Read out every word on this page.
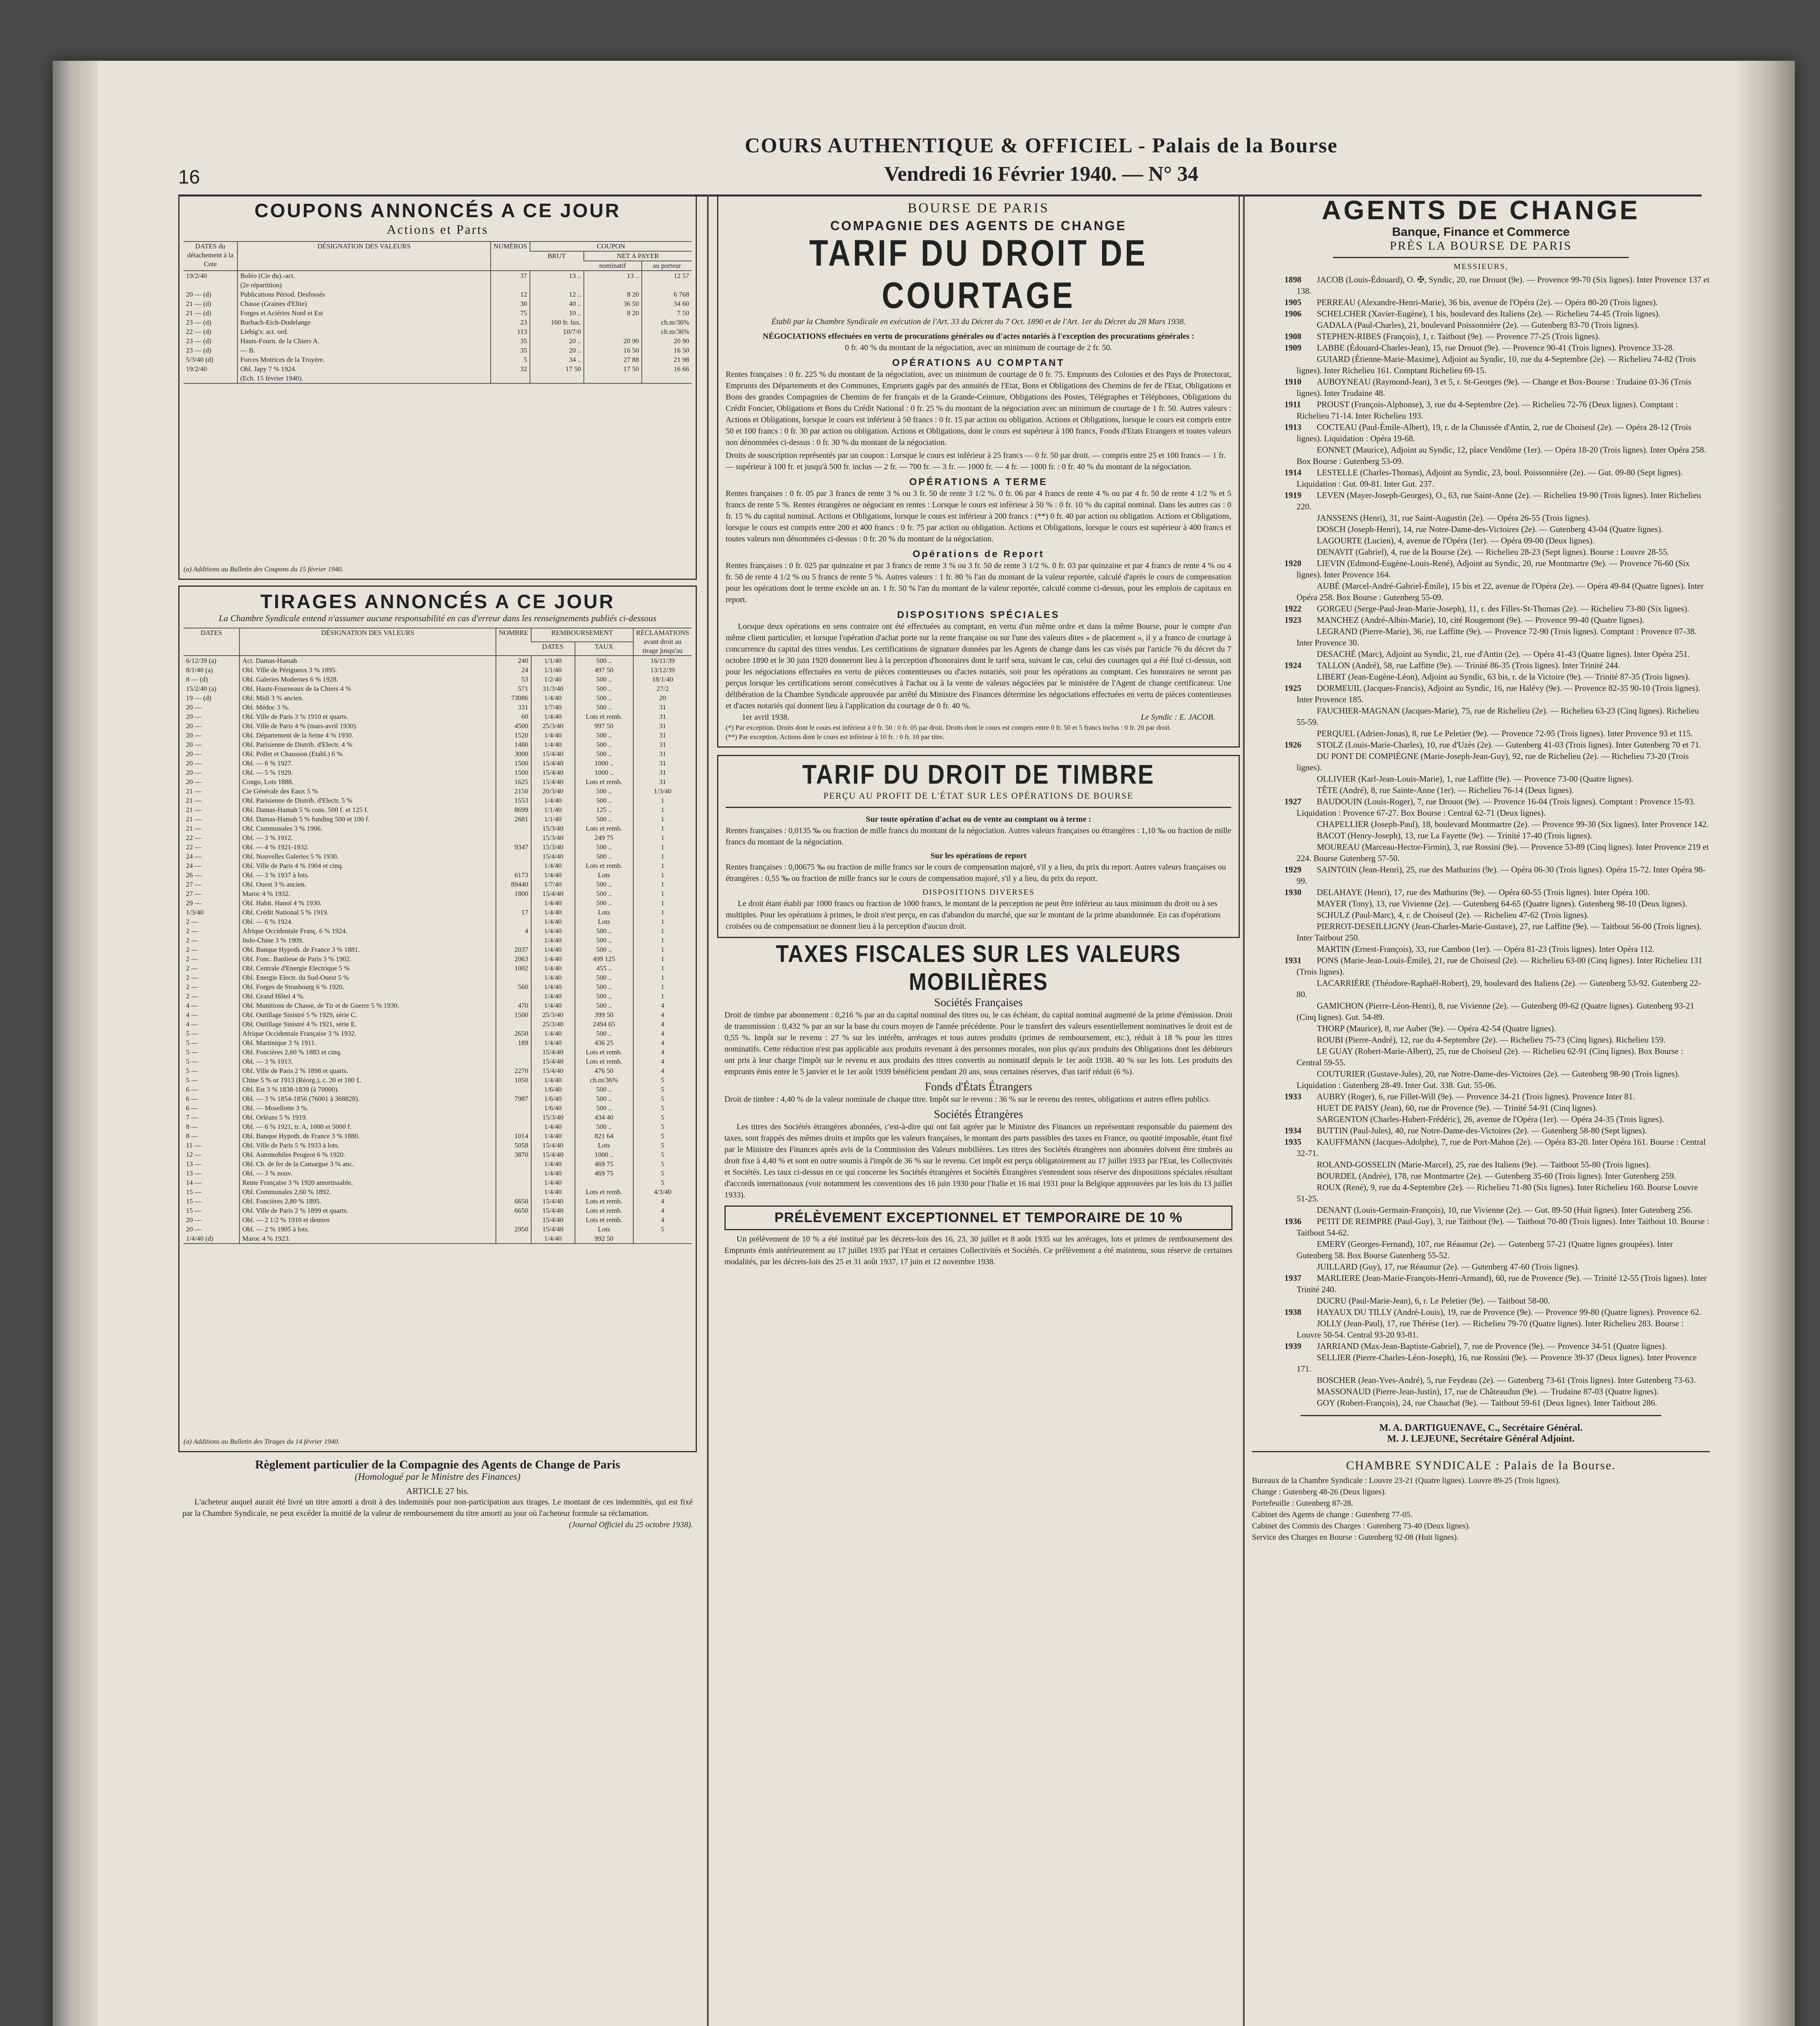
16
COURS AUTHENTIQUE & OFFICIEL - Palais de la Bourse
Vendredi 16 Février 1940. — N° 34
COUPONS ANNONCÉS A CE JOUR
Actions et Parts
DATES du détachement à la Cote	DÉSIGNATION DES VALEURS	NUMÉROS	COUPON		
			BRUT	NET A PAYER	
				nominatif	au porteur
19/2/40	Boléo (Cie du).-act.	37	13 ..	13 ..	12 57
	(2e répartition)				
20 — (d)	Publications Périod. Desfossés	12	12 ..	8 20	6 768
21 — (d)	Chasse (Graines d'Elite)	30	40 ..	36 50	34 60
21 — (d)	Forges et Aciéries Nord et Est	75	10 ..	8 20	7 50
23 — (d)	Burbach-Eich-Dudelange	23	160 fr. lux.		ch.m/36%
22 — (d)	Liebig's: act. ord.	113	£0/7/0		ch.m/36%
23 — (d)	Hauts-Fourn. de la Chiers A.	35	20 ..	20 90	20 90
23 — (d)	— B.	35	20 ..	16 50	16 50
5/3/40 (d)	Forces Motrices de la Truyère.	5	34 ..	27 88	21 98

19/2/40	Obl. Japy 7 % 1924.	32	17 50	17 50	16 66
	(Ech. 15 février 1940).				
(a) Additions au Bulletin des Coupons du 15 février 1940.
TIRAGES ANNONCÉS A CE JOUR
La Chambre Syndicale entend n'assumer aucune responsabilité en cas d'erreur dans les renseignements publiés ci-dessous
DATES	DÉSIGNATION DES VALEURS	NOMBRE	REMBOURSEMENT		RÉCLAMATIONS avant droit au tirage jusqu'au
			DATES	TAUX	
6/12/39 (a)	Act. Damas-Hamah	240	1/1/40	500 ..	16/11/39
8/1/40 (a)	Obl. Ville de Périgueux 3 % 1895.	24	1/1/40	497 50	13/12/39
8 — (d)	Obl. Galeries Modernes 6 % 1928.	53	1/2/40	500 ..	18/1/40
15/2/40 (a)	Obl. Hauts-Fourneaux de la Chiers 4 %	571	31/3/40	500 ..	27/2
19 — (d)	Obl. Midi 3 % ancien.	73086	1/4/40	500 ..	20
20 —	Obl. Médoc 3 %.	331	1/7/40	500 ..	31
20 —	Obl. Ville de Paris 3 % 1910 et quarts.	60	1/4/40	Lots et remb.	31
20 —	Obl. Ville de Paris 4 % (mars-avril 1930).	4500	25/3/40	997 50	31
20 —	Obl. Département de la Seine 4 % 1930.	1520	1/4/40	500 ..	31
20 —	Obl. Parisienne de Distrib. d'Electr. 4 %	1480	1/4/40	500 ..	31
20 —	Obl. Pollet et Chausson (Etabl.) 6 %	3000	15/4/40	500 ..	31
20 —	Obl. — 6 % 1927.	1500	15/4/40	1000 ..	31
20 —	Obl. — 5 % 1929.	1500	15/4/40	1000 ..	31
20 —	Congo, Lots 1888.	1625	15/4/40	Lots et remb.	31
21 —	Cie Générale des Eaux 5 %	2150	20/3/40	500 ..	1/3/40
21 —	Obl. Parisienne de Distrib. d'Electr. 5 %	1553	1/4/40	500 ..	1
21 —	Obl. Damas-Hamah 5 % cons. 500 f. et 125 f.	8699	1/1/40	125 ..	1
21 —	Obl. Damas-Hamah 5 % funding 500 et 100 f.	2681	1/1/40	500 ..	1
21 —	Obl. Communales 3 % 1906.		15/3/40	Lots et remb.	1
22 —	Obl. — 3 % 1912.		15/3/40	249 75	1
22 —	Obl. — 4 % 1921-1932.	9347	15/3/40	500 ..	1
24 —	Obl. Nouvelles Galeries 5 % 1930.		15/4/40	500 ..	1
24 —	Obl. Ville de Paris 4 % 1904 et cinq.		1/4/40	Lots et remb.	1
26 —	Obl. — 3 % 1937 à lots.	6173	1/4/40	Lots	1
27 —	Obl. Ouest 3 % ancien.	89440	1/7/40	500 ..	1
27 —	Maroc 4 % 1932.	1800	15/4/40	500 ..	1
29 —	Obl. Habit. Hanoï 4 % 1930.		1/4/40	500 ..	1
1/3/40	Obl. Crédit National 5 % 1919.	17	1/4/40	Lots	1
2 —	Obl. — 6 % 1924.		1/4/40	Lots	1
2 —	Afrique Occidentale Franç. 6 % 1924.	4	1/4/40	500 ..	1
2 —	Indo-Chine 3 % 1909.		1/4/40	500 ..	1
2 —	Obl. Banque Hypoth. de France 3 % 1881.	2037	1/4/40	500 ..	1
2 —	Obl. Fonc. Banlieue de Paris 3 % 1902.	2063	1/4/40	499 125	1
2 —	Obl. Centrale d'Energie Electrique 5 %	1002	1/4/40	455 ..	1
2 —	Obl. Energie Electr. du Sud-Ouest 5 %		1/4/40	500 ..	1
2 —	Obl. Forges de Strasbourg 6 % 1920.	560	1/4/40	500 ..	1
2 —	Obl. Grand Hôtel 4 %.		1/4/40	500 ..	1
4 —	Obl. Munitions de Chasse, de Tir et de Guerre 5 % 1930.	470	1/4/40	500 ..	4
4 —	Obl. Outillage Sinistré 5 % 1929, série C.	1500	25/3/40	399 50	4
4 —	Obl. Outillage Sinistré 4 % 1921, série E.		25/3/40	2494 65	4
5 —	Afrique Occidentale Française 3 % 1932.	2650	1/4/40	500 ..	4
5 —	Obl. Martinique 3 % 1911.	189	1/4/40	436 25	4
5 —	Obl. Foncières 2,60 % 1883 et cinq.		15/4/40	Lots et remb.	4
5 —	Obl. — 3 % 1913.		15/4/40	Lots et remb.	4
5 —	Obl. Ville de Paris 2 % 1898 et quarts.	2270	15/4/40	476 50	4
5 —	Chine 5 % or 1913 (Réorg.), c. 20 et 100 £.	1050	1/4/40	ch.m/36%	5
6 —	Obl. Est 3 % 1838-1839 (à 70000).		1/6/40	500 ..	5
6 —	Obl. — 3 % 1854-1856 (76001 à 368828).	7987	1/6/40	500 ..	5
6 —	Obl. — Mosellotte 3 %.		1/6/40	500 ..	5
7 —	Obl. Orléans 5 % 1919.		15/3/40	434 40	5
8 —	Obl. — 6 % 1921, tr. A, 1000 et 5000 f.		1/4/40	500 ..	5
8 —	Obl. Banque Hypoth. de France 3 % 1880.	1014	1/4/40	821 64	5
11 —	Obl. Ville de Paris 5 % 1933 à lots.	5058	15/4/40	Lots	5
12 —	Obl. Automobiles Peugeot 6 % 1920.	3870	15/4/40	1000 ..	5
13 —	Obl. Ch. de fer de la Camargue 3 % anc.		1/4/40	469 75	5
13 —	Obl. — 3 % nouv.		1/4/40	469 75	5
14 —	Rente Française 3 % 1920 amortissable.		1/4/40		5
15 —	Obl. Communales 2,60 % 1892.		1/4/40	Lots et remb.	4/3/40
15 —	Obl. Foncières 2,80 % 1895.	6650	15/4/40	Lots et remb.	4
15 —	Obl. Ville de Paris 2 % 1899 et quarts.	6650	15/4/40	Lots et remb.	4
20 —	Obl. — 2 1/2 % 1910 et demies		15/4/40	Lots et remb.	4
20 —	Obl. — 2 % 1905 à lots.	2950	15/4/40	Lots	5
1/4/40 (d)	Maroc 4 % 1923.		1/4/40	992 50	
(a) Additions au Bulletin des Tirages du 14 février 1940.
Règlement particulier de la Compagnie des Agents de Change de Paris
(Homologué par le Ministre des Finances)
ARTICLE 27 bis.
L'acheteur auquel aurait été livré un titre amorti a droit à des indemnités pour non-participation aux tirages. Le montant de ces indemnités, qui est fixé par la Chambre Syndicale, ne peut excéder la moitié de la valeur de remboursement du titre amorti au jour où l'acheteur formule sa réclamation.
(Journal Officiel du 25 octobre 1938).
BOURSE DE PARIS
COMPAGNIE DES AGENTS DE CHANGE
TARIF DU DROIT DE COURTAGE
Établi par la Chambre Syndicale en exécution de l'Art. 33 du Décret du 7 Oct. 1890 et de l'Art. 1er du Décret du 28 Mars 1938.
NÉGOCIATIONS effectuées en vertu de procurations générales ou d'actes notariés à l'exception des procurations générales :
0 fr. 40 % du montant de la négociation, avec un minimum de courtage de 2 fr. 50.
OPÉRATIONS AU COMPTANT
Rentes françaises : 0 fr. 225 % du montant de la négociation, avec un minimum de courtage de 0 fr. 75. Emprunts des Colonies et des Pays de Protectorat, Emprunts des Départements et des Communes, Emprunts gagés par des annuités de l'Etat, Bons et Obligations des Chemins de fer de l'Etat, Obligations et Bons des grandes Compagnies de Chemins de fer français et de la Grande-Ceinture, Obligations des Postes, Télégraphes et Téléphones, Obligations du Crédit Foncier, Obligations et Bons du Crédit National : 0 fr. 25 % du montant de la négociation avec un minimum de courtage de 1 fr. 50. Autres valeurs : Actions et Obligations, lorsque le cours est inférieur à 50 francs : 0 fr. 15 par action ou obligation. Actions et Obligations, lorsque le cours est compris entre 50 et 100 francs : 0 fr. 30 par action ou obligation. Actions et Obligations, dont le cours est supérieur à 100 francs, Fonds d'Etats Etrangers et toutes valeurs non dénommées ci-dessus : 0 fr. 30 % du montant de la négociation.
Droits de souscription représentés par un coupon : Lorsque le cours est inférieur à 25 francs — 0 fr. 50 par droit. — compris entre 25 et 100 francs — 1 fr. — supérieur à 100 fr. et jusqu'à 500 fr. inclus — 2 fr. — 700 fr. — 3 fr. — 1000 fr. — 4 fr. — 1000 fr. : 0 fr. 40 % du montant de la négociation.
OPÉRATIONS A TERME
Rentes françaises : 0 fr. 05 par 3 francs de rente 3 % ou 3 fr. 50 de rente 3 1/2 %. 0 fr. 06 par 4 francs de rente 4 % ou par 4 fr. 50 de rente 4 1/2 % et 5 francs de rente 5 %. Rentes étrangères ne négociant en rentes : Lorsque le cours est inférieur à 50 % : 0 fr. 10 % du capital nominal. Dans les autres cas : 0 fr. 15 % du capital nominal. Actions et Obligations, lorsque le cours est inférieur à 200 francs : (**) 0 fr. 40 par action ou obligation. Actions et Obligations, lorsque le cours est compris entre 200 et 400 francs : 0 fr. 75 par action ou obligation. Actions et Obligations, lorsque le cours est supérieur à 400 francs et toutes valeurs non dénommées ci-dessus : 0 fr. 20 % du montant de la négociation.
Opérations de Report
Rentes françaises : 0 fr. 025 par quinzaine et par 3 francs de rente 3 % ou 3 fr. 50 de rente 3 1/2 %. 0 fr. 03 par quinzaine et par 4 francs de rente 4 % ou 4 fr. 50 de rente 4 1/2 % ou 5 francs de rente 5 %. Autres valeurs : 1 fr. 80 % l'an du montant de la valeur reportée, calculé d'après le cours de compensation pour les opérations dont le terme excède un an. 1 fr. 50 % l'an du montant de la valeur reportée, calculé comme ci-dessus, pour les emplois de capitaux en report.
DISPOSITIONS SPÉCIALES
Lorsque deux opérations en sens contraire ont été effectuées au comptant, en vertu d'un même ordre et dans la même Bourse, pour le compte d'un même client particulier, et lorsque l'opération d'achat porte sur la rente française ou sur l'une des valeurs dites « de placement », il y a franco de courtage à concurrence du capital des titres vendus. Les certifications de signature données par les Agents de change dans les cas visés par l'article 76 du décret du 7 octobre 1890 et le 30 juin 1920 donneront lieu à la perception d'honoraires dont le tarif sera, suivant le cas, celui des courtages qui a été fixé ci-dessus, soit pour les négociations effectuées en vertu de pièces contentieuses ou d'actes notariés, soit pour les opérations au comptant. Ces honoraires ne seront pas perçus lorsque les certifications seront consécutives à l'achat ou à la vente de valeurs négociées par le ministère de l'Agent de change certificateur. Une délibération de la Chambre Syndicale approuvée par arrêté du Ministre des Finances détermine les négociations effectuées en vertu de pièces contentieuses et d'actes notariés qui donnent lieu à l'application du courtage de 0 fr. 40 %.
1er avril 1938.	Le Syndic : E. JACOB.
(*) Par exception. Droits dont le cours est inférieur à 0 fr. 50 : 0 fr. 05 par droit. Droits dont le cours est compris entre 0 fr. 50 et 5 francs inclus : 0 fr. 20 par droit.
(**) Par exception. Actions dont le cours est inférieur à 10 fr. : 0 fr. 10 par titre.
TARIF DU DROIT DE TIMBRE
PERÇU AU PROFIT DE L'ÉTAT SUR LES OPÉRATIONS DE BOURSE
Sur toute opération d'achat ou de vente au comptant ou à terme :
Rentes françaises : 0,0135 ‰ ou fraction de mille francs du montant de la négociation. Autres valeurs françaises ou étrangères : 1,10 ‰ ou fraction de mille francs du montant de la négociation.
Sur les opérations de report
Rentes françaises : 0,00675 ‰ ou fraction de mille francs sur le cours de compensation majoré, s'il y a lieu, du prix du report. Autres valeurs françaises ou étrangères : 0,55 ‰ ou fraction de mille francs sur le cours de compensation majoré, s'il y a lieu, du prix du report.
DISPOSITIONS DIVERSES
Le droit étant établi par 1000 francs ou fraction de 1000 francs, le montant de la perception ne peut être inférieur au taux minimum du droit ou à ses multiples. Pour les opérations à primes, le droit n'est perçu, en cas d'abandon du marché, que sur le montant de la prime abandonnée. En cas d'opérations croisées ou de compensation ne donnent lieu à la perception d'aucun droit.
TAXES FISCALES SUR LES VALEURS MOBILIÈRES
Sociétés Françaises
Droit de timbre par abonnement : 0,216 % par an du capital nominal des titres ou, le cas échéant, du capital nominal augmenté de la prime d'émission. Droit de transmission : 0,432 % par an sur la base du cours moyen de l'année précédente. Pour le transfert des valeurs essentiellement nominatives le droit est de 0,55 %. Impôt sur le revenu : 27 % sur les intérêts, arrérages et tous autres produits (primes de remboursement, etc.), réduit à 18 % pour les titres nominatifs. Cette réduction n'est pas applicable aux produits revenant à des personnes morales, non plus qu'aux produits des Obligations dont les débiteurs ont pris à leur charge l'impôt sur le revenu et aux produits des titres convertis au nominatif depuis le 1er août 1938. 40 % sur les lots. Les produits des emprunts émis entre le 5 janvier et le 1er août 1939 bénéficient pendant 20 ans, sous certaines réserves, d'un tarif réduit (6 %).
Fonds d'États Étrangers
Droit de timbre : 4,40 % de la valeur nominale de chaque titre. Impôt sur le revenu : 36 % sur le revenu des rentes, obligations et autres effets publics.
Sociétés Étrangères
Les titres des Sociétés étrangères abonnées, c'est-à-dire qui ont fait agréer par le Ministre des Finances un représentant responsable du paiement des taxes, sont frappés des mêmes droits et impôts que les valeurs françaises, le montant des parts passibles des taxes en France, ou quotité imposable, étant fixé par le Ministre des Finances après avis de la Commission des Valeurs mobilières. Les titres des Sociétés étrangères non abonnées doivent être timbrés au droit fixe à 4,40 % et sont en outre soumis à l'impôt de 36 % sur le revenu. Cet impôt est perçu obligatoirement au 17 juillet 1933 par l'Etat, les Collectivités et Sociétés. Les taux ci-dessus en ce qui concerne les Sociétés étrangères et Sociétés Étrangères s'entendent sous réserve des dispositions spéciales résultant d'accords internationaux (voir notamment les conventions des 16 juin 1930 pour l'Italie et 16 mai 1931 pour la Belgique approuvées par les lois du 13 juillet 1933).
PRÉLÈVEMENT EXCEPTIONNEL ET TEMPORAIRE DE 10 %
Un prélèvement de 10 % a été institué par les décrets-lois des 16, 23, 30 juillet et 8 août 1935 sur les arrérages, lots et primes de remboursement des Emprunts émis antérieurement au 17 juillet 1935 par l'Etat et certaines Collectivités et Sociétés. Ce prélèvement a été maintenu, sous réserve de certaines modalités, par les décrets-lois des 25 et 31 août 1937, 17 juin et 12 novembre 1938.
AGENTS DE CHANGE
Banque, Finance et Commerce
PRÈS LA BOURSE DE PARIS
MESSIEURS,

1898 JACOB (Louis-Édouard), O. ✠, Syndic, 20, rue Drouot (9e). — Provence 99-70 (Six lignes). Inter Provence 137 et 138.

1905 PERREAU (Alexandre-Henri-Marie), 36 bis, avenue de l'Opéra (2e). — Opéra 80-20 (Trois lignes).

1906 SCHELCHER (Xavier-Eugène), 1 bis, boulevard des Italiens (2e). — Richelieu 74-45 (Trois lignes).

GADALA (Paul-Charles), 21, boulevard Poissonnière (2e). — Gutenberg 83-70 (Trois lignes).

1908 STEPHEN-RIBES (François), 1, r. Taitbout (9e). — Provence 77-25 (Trois lignes).

1909 LABBE (Édouard-Charles-Jean), 15, rue Drouot (9e). — Provence 90-41 (Trois lignes). Provence 33-28.

GUIARD (Étienne-Marie-Maxime), Adjoint au Syndic, 10, rue du 4-Septembre (2e). — Richelieu 74-82 (Trois lignes). Inter Richelieu 161. Comptant Richelieu 69-15.

1910 AUBOYNEAU (Raymond-Jean), 3 et 5, r. St-Georges (9e). — Change et Box-Bourse : Trudaine 03-36 (Trois lignes). Inter Trudaine 48.

1911 PROUST (François-Alphonse), 3, rue du 4-Septembre (2e). — Richelieu 72-76 (Deux lignes). Comptant : Richelieu 71-14. Inter Richelieu 193.

1913 COCTEAU (Paul-Émile-Albert), 19, r. de la Chaussée d'Antin, 2, rue de Choiseul (2e). — Opéra 28-12 (Trois lignes). Liquidation : Opéra 19-68.

EONNET (Maurice), Adjoint au Syndic, 12, place Vendôme (1er). — Opéra 18-20 (Trois lignes). Inter Opéra 258. Box Bourse : Gutenberg 53-09.

1914 LESTELLE (Charles-Thomas), Adjoint au Syndic, 23, boul. Poissonnière (2e). — Gut. 09-80 (Sept lignes). Liquidation : Gut. 09-81. Inter Gut. 237.

1919 LEVEN (Mayer-Joseph-Georges), O., 63, rue Saint-Anne (2e). — Richelieu 19-90 (Trois lignes). Inter Richelieu 220.

JANSSENS (Henri), 31, rue Saint-Augustin (2e). — Opéra 26-55 (Trois lignes).

DOSCH (Joseph-Henri), 14, rue Notre-Dame-des-Victoires (2e). — Gutenberg 43-04 (Quatre lignes).

LAGOURTE (Lucien), 4, avenue de l'Opéra (1er). — Opéra 09-00 (Deux lignes).

DENAVIT (Gabriel), 4, rue de la Bourse (2e). — Richelieu 28-23 (Sept lignes). Bourse : Louvre 28-55.

1920 LIEVIN (Edmond-Eugène-Louis-René), Adjoint au Syndic, 20, rue Montmartre (9e). — Provence 76-60 (Six lignes). Inter Provence 164.

AUBÉ (Marcel-André-Gabriel-Émile), 15 bis et 22, avenue de l'Opéra (2e). — Opéra 49-84 (Quatre lignes). Inter Opéra 258. Box Bourse : Gutenberg 55-09.

1922 GORGEU (Serge-Paul-Jean-Marie-Joseph), 11, r. des Filles-St-Thomas (2e). — Richelieu 73-80 (Six lignes).

1923 MANCHEZ (André-Albin-Marie), 10, cité Rougemont (9e). — Provence 99-40 (Quatre lignes).

LEGRAND (Pierre-Marie), 36, rue Laffitte (9e). — Provence 72-90 (Trois lignes). Comptant : Provence 07-38. Inter Provence 30.

DESACHÉ (Marc), Adjoint au Syndic, 21, rue d'Antin (2e). — Opéra 41-43 (Quatre lignes). Inter Opéra 251.

1924 TALLON (André), 58, rue Laffitte (9e). — Trinité 86-35 (Trois lignes). Inter Trinité 244.

LIBERT (Jean-Eugène-Léon), Adjoint au Syndic, 63 bis, r. de la Victoire (9e). — Trinité 87-35 (Trois lignes).

1925 DORMEUIL (Jacques-Francis), Adjoint au Syndic, 16, rue Halévy (9e). — Provence 82-35 90-10 (Trois lignes). Inter Provence 185.

FAUCHIER-MAGNAN (Jacques-Marie), 75, rue de Richelieu (2e). — Richelieu 63-23 (Cinq lignes). Richelieu 55-59.

PERQUEL (Adrien-Jonas), 8, rue Le Peletier (9e). — Provence 72-95 (Trois lignes). Inter Provence 93 et 115.

1926 STOLZ (Louis-Marie-Charles), 10, rue d'Uzès (2e). — Gutenberg 41-03 (Trois lignes). Inter Gutenberg 70 et 71.

DU PONT DE COMPIÈGNE (Marie-Joseph-Jean-Guy), 92, rue de Richelieu (2e). — Richelieu 73-20 (Trois lignes).

OLLIVIER (Karl-Jean-Louis-Marie), 1, rue Laffitte (9e). — Provence 73-00 (Quatre lignes).

TÊTE (André), 8, rue Sainte-Anne (1er). — Richelieu 76-14 (Deux lignes).

1927 BAUDOUIN (Louis-Roger), 7, rue Drouot (9e). — Provence 16-04 (Trois lignes). Comptant : Provence 15-93. Liquidation : Provence 67-27. Box Bourse : Central 62-71 (Deux lignes).

CHAPELLIER (Joseph-Paul), 18, boulevard Montmartre (2e). — Provence 99-30 (Six lignes). Inter Provence 142.

BACOT (Henry-Joseph), 13, rue La Fayette (9e). — Trinité 17-40 (Trois lignes).

MOUREAU (Marceau-Hector-Firmin), 3, rue Rossini (9e). — Provence 53-89 (Cinq lignes). Inter Provence 219 et 224. Bourse Gutenberg 57-50.

1929 SAINTOIN (Jean-Henri), 25, rue des Mathurins (9e). — Opéra 06-30 (Trois lignes). Opéra 15-72. Inter Opéra 98-99.

1930 DELAHAYE (Henri), 17, rue des Mathurins (9e). — Opéra 60-55 (Trois lignes). Inter Opéra 100.

MAYER (Tony), 13, rue Vivienne (2e). — Gutenberg 64-65 (Quatre lignes). Gutenberg 98-10 (Deux lignes).

SCHULZ (Paul-Marc), 4, r. de Choiseul (2e). — Richelieu 47-62 (Trois lignes).

PIERROT-DESEILLIGNY (Jean-Charles-Marie-Gustave), 27, rue Laffitte (9e). — Taitbout 56-00 (Trois lignes). Inter Taitbout 250.

MARTIN (Ernest-François), 33, rue Cambon (1er). — Opéra 81-23 (Trois lignes). Inter Opéra 112.

1931 PONS (Marie-Jean-Louis-Émile), 21, rue de Choiseul (2e). — Richelieu 63-00 (Cinq lignes). Inter Richelieu 131 (Trois lignes).

LACARRIÈRE (Théodore-Raphaël-Robert), 29, boulevard des Italiens (2e). — Gutenberg 53-92. Gutenberg 22-80.

GAMICHON (Pierre-Léon-Henri), 8, rue Vivienne (2e). — Gutenberg 09-62 (Quatre lignes). Gutenberg 93-21 (Cinq lignes). Gut. 54-89.

THORP (Maurice), 8, rue Auber (9e). — Opéra 42-54 (Quatre lignes).

ROUBI (Pierre-André), 12, rue du 4-Septembre (2e). — Richelieu 75-73 (Cinq lignes). Richelieu 159.

LE GUAY (Robert-Marie-Albert), 25, rue de Choiseul (2e). — Richelieu 62-91 (Cinq lignes). Box Bourse : Central 59-55.

COUTURIER (Gustave-Jules), 20, rue Notre-Dame-des-Victoires (2e). — Gutenberg 98-90 (Trois lignes). Liquidation : Gutenberg 28-49. Inter Gut. 338. Gut. 55-06.

1933 AUBRY (Roger), 6, rue Fillet-Will (9e). — Provence 34-21 (Trois lignes). Provence Inter 81.

HUET DE PAISY (Jean), 60, rue de Provence (9e). — Trinité 54-91 (Cinq lignes).

SARGENTON (Charles-Hubert-Frédéric), 26, avenue de l'Opéra (1er). — Opéra 24-35 (Trois lignes).

1934 BUTTIN (Paul-Jules), 40, rue Notre-Dame-des-Victoires (2e). — Gutenberg 58-80 (Sept lignes).

1935 KAUFFMANN (Jacques-Adolphe), 7, rue de Port-Mahon (2e). — Opéra 83-20. Inter Opéra 161. Bourse : Central 32-71.

ROLAND-GOSSELIN (Marie-Marcel), 25, rue des Italiens (9e). — Taitbout 55-80 (Trois lignes).

BOURDEL (Andrée), 178, rue Montmartre (2e). — Gutenberg 35-60 (Trois lignes). Inter Gutenberg 259.

ROUX (René), 9, rue du 4-Septembre (2e). — Richelieu 71-80 (Six lignes). Inter Richelieu 160. Bourse Louvre 51-25.

DENANT (Louis-Germain-François), 10, rue Vivienne (2e). — Gut. 89-50 (Huit lignes). Inter Gutenberg 256.

1936 PETIT DE REIMPRE (Paul-Guy), 3, rue Taitbout (9e). — Taitbout 70-80 (Trois lignes). Inter Taitbout 10. Bourse : Taitbout 54-62.

EMERY (Georges-Fernand), 107, rue Réaumur (2e). — Gutenberg 57-21 (Quatre lignes groupées). Inter Gutenberg 58. Box Bourse Gutenberg 55-52.

JUILLARD (Guy), 17, rue Réaumur (2e). — Gutenberg 47-60 (Trois lignes).

1937 MARLIERE (Jean-Marie-François-Henri-Armand), 60, rue de Provence (9e). — Trinité 12-55 (Trois lignes). Inter Trinité 240.

DUCRU (Paul-Marie-Jean), 6, r. Le Peletier (9e). — Taitbout 58-00.

1938 HAYAUX DU TILLY (André-Louis), 19, rue de Provence (9e). — Provence 99-80 (Quatre lignes). Provence 62.

JOLLY (Jean-Paul), 17, rue Thérèse (1er). — Richelieu 79-70 (Quatre lignes). Inter Richelieu 283. Bourse : Louvre 50-54. Central 93-20 93-81.

1939 JARRIAND (Max-Jean-Baptiste-Gabriel), 7, rue de Provence (9e). — Provence 34-51 (Quatre lignes).

SELLIER (Pierre-Charles-Léon-Joseph), 16, rue Rossini (9e). — Provence 39-37 (Deux lignes). Inter Provence 171.

BOSCHER (Jean-Yves-André), 5, rue Feydeau (2e). — Gutenberg 73-61 (Trois lignes). Inter Gutenberg 73-63.

MASSONAUD (Pierre-Jean-Justin), 17, rue de Châteaudun (9e). — Trudaine 87-03 (Quatre lignes).

GOY (Robert-François), 24, rue Chauchat (9e). — Taitbout 59-61 (Deux lignes). Inter Taitbout 286.

M. A. DARTIGUENAVE, C., Secrétaire Général.
M. J. LEJEUNE, Secrétaire Général Adjoint.
CHAMBRE SYNDICALE : Palais de la Bourse.
Bureaux de la Chambre Syndicale : Louvre 23-21 (Quatre lignes). Louvre 89-25 (Trois lignes).
Change : Gutenberg 48-26 (Deux lignes).
Portefeuille : Gutenberg 87-28.
Cabinet des Agents de change : Gutenberg 77-05.
Cabinet des Commis des Charges : Gutenberg 73-40 (Deux lignes).
Service des Charges en Bourse : Gutenberg 92-08 (Huit lignes).
